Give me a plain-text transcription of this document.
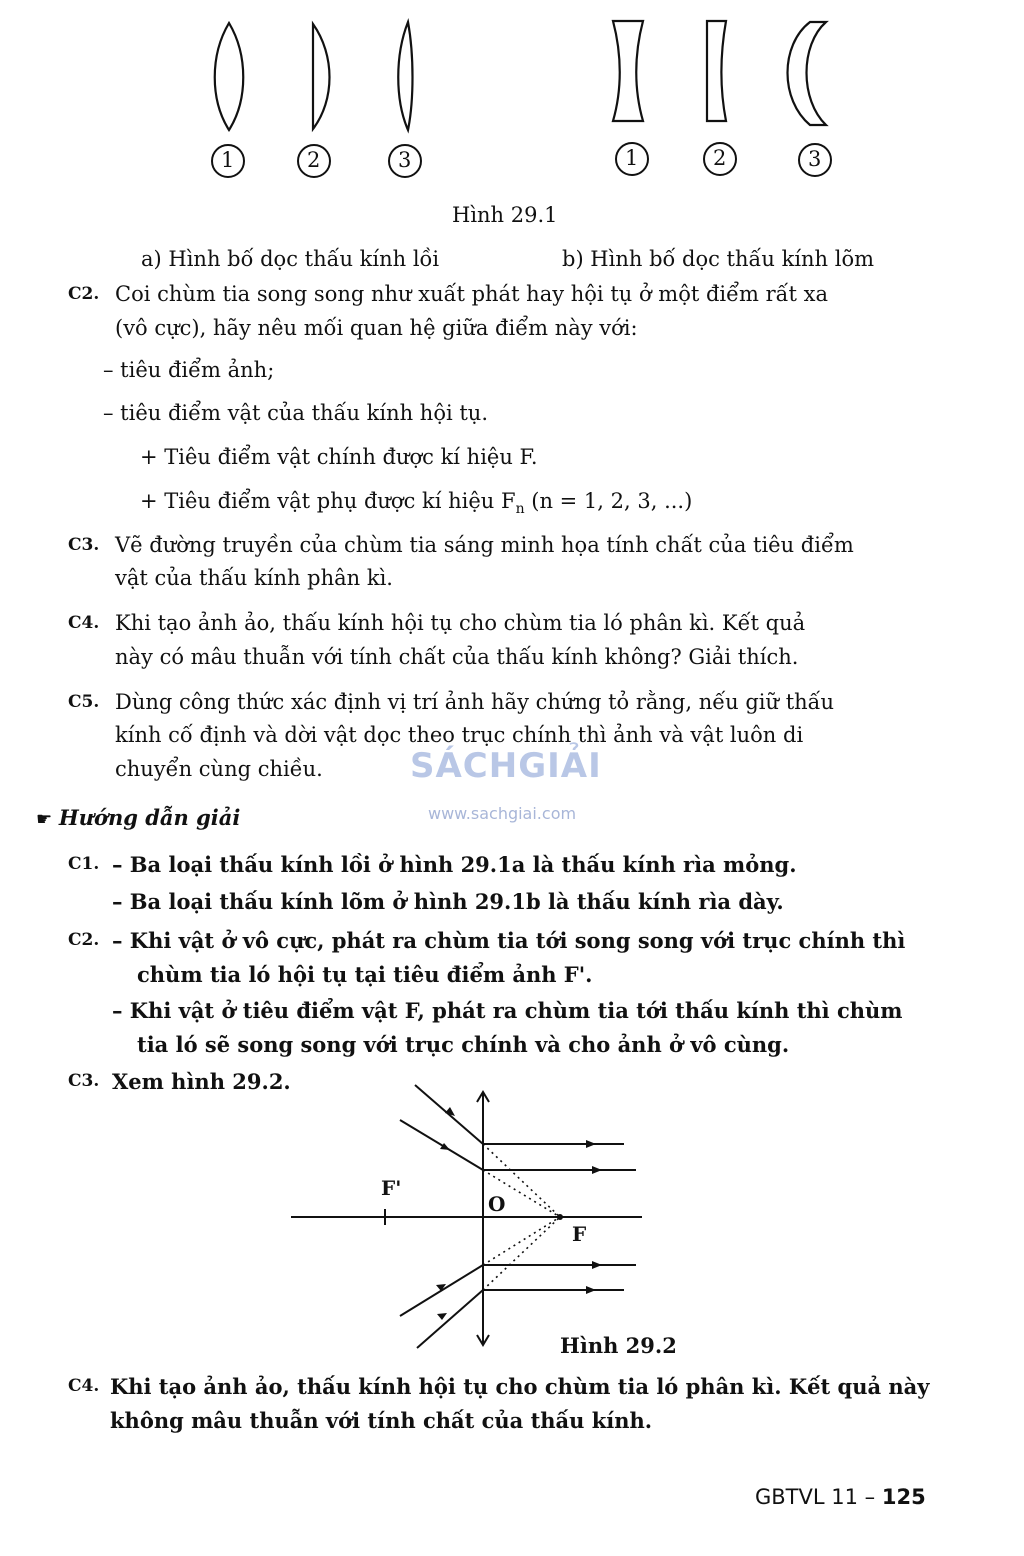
1	2	3	1	2	3
Hình 29.1
a) Hình bố dọc thấu kính lồi	b) Hình bố dọc thấu kính lõm
C2. Coi chùm tia song song như xuất phát hay hội tụ ở một điểm rất xa
(vô cực), hãy nêu mối quan hệ giữa điểm này với:
– tiêu điểm ảnh;
– tiêu điểm vật của thấu kính hội tụ.
+ Tiêu điểm vật chính được kí hiệu F.
+ Tiêu điểm vật phụ được kí hiệu $F_n$ (n = 1, 2, 3, ...)
C3. Vẽ đường truyền của chùm tia sáng minh họa tính chất của tiêu điểm
vật của thấu kính phân kì.
C4. Khi tạo ảnh ảo, thấu kính hội tụ cho chùm tia ló phân kì. Kết quả
này có mâu thuẫn với tính chất của thấu kính không? Giải thích.
C5. Dùng công thức xác định vị trí ảnh hãy chứng tỏ rằng, nếu giữ thấu
kính cố định và dời vật dọc theo trục chính thì ảnh và vật luôn di
chuyển cùng chiều.	SÁCHGIẢI
www.sachgiai.com
☛ Hướng dẫn giải
C1. – Ba loại thấu kính lồi ở hình 29.1a là thấu kính rìa mỏng.
– Ba loại thấu kính lõm ở hình 29.1b là thấu kính rìa dày.
C2. – Khi vật ở vô cực, phát ra chùm tia tới song song với trục chính thì
chùm tia ló hội tụ tại tiêu điểm ảnh F'.
– Khi vật ở tiêu điểm vật F, phát ra chùm tia tới thấu kính thì chùm
tia ló sẽ song song với trục chính và cho ảnh ở vô cùng.
C3. Xem hình 29.2.
F'
O
F
Hình 29.2
C4. Khi tạo ảnh ảo, thấu kính hội tụ cho chùm tia ló phân kì. Kết quả này
không mâu thuẫn với tính chất của thấu kính.
GBTVL 11 – 125
